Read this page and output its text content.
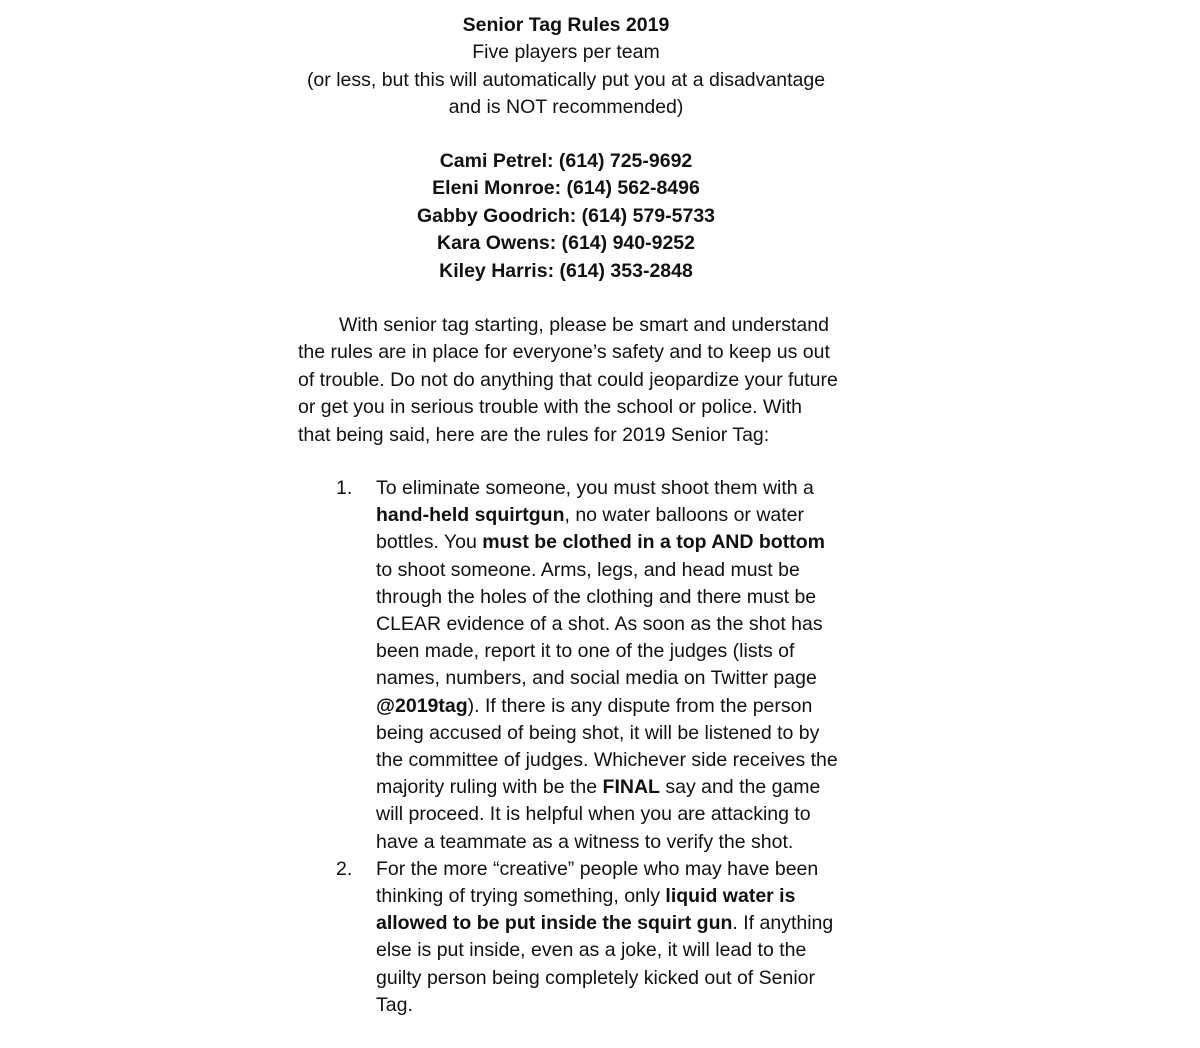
Senior Tag Rules 2019
Five players per team
(or less, but this will automatically put you at a disadvantage
and is NOT recommended)
Cami Petrel: (614) 725-9692
Eleni Monroe: (614) 562-8496
Gabby Goodrich: (614) 579-5733
Kara Owens: (614) 940-9252
Kiley Harris: (614) 353-2848

With senior tag starting, please be smart and understand the rules are in place for everyone’s safety and to keep us out of trouble. Do not do anything that could jeopardize your future or get you in serious trouble with the school or police. With that being said, here are the rules for 2019 Senior Tag:

1. To eliminate someone, you must shoot them with a hand-held squirtgun, no water balloons or water bottles. You must be clothed in a top AND bottom to shoot someone. Arms, legs, and head must be through the holes of the clothing and there must be CLEAR evidence of a shot. As soon as the shot has been made, report it to one of the judges (lists of names, numbers, and social media on Twitter page @2019tag). If there is any dispute from the person being accused of being shot, it will be listened to by the committee of judges. Whichever side receives the majority ruling with be the FINAL say and the game will proceed. It is helpful when you are attacking to have a teammate as a witness to verify the shot.
2. For the more “creative” people who may have been thinking of trying something, only liquid water is allowed to be put inside the squirt gun. If anything else is put inside, even as a joke, it will lead to the guilty person being completely kicked out of Senior Tag.
